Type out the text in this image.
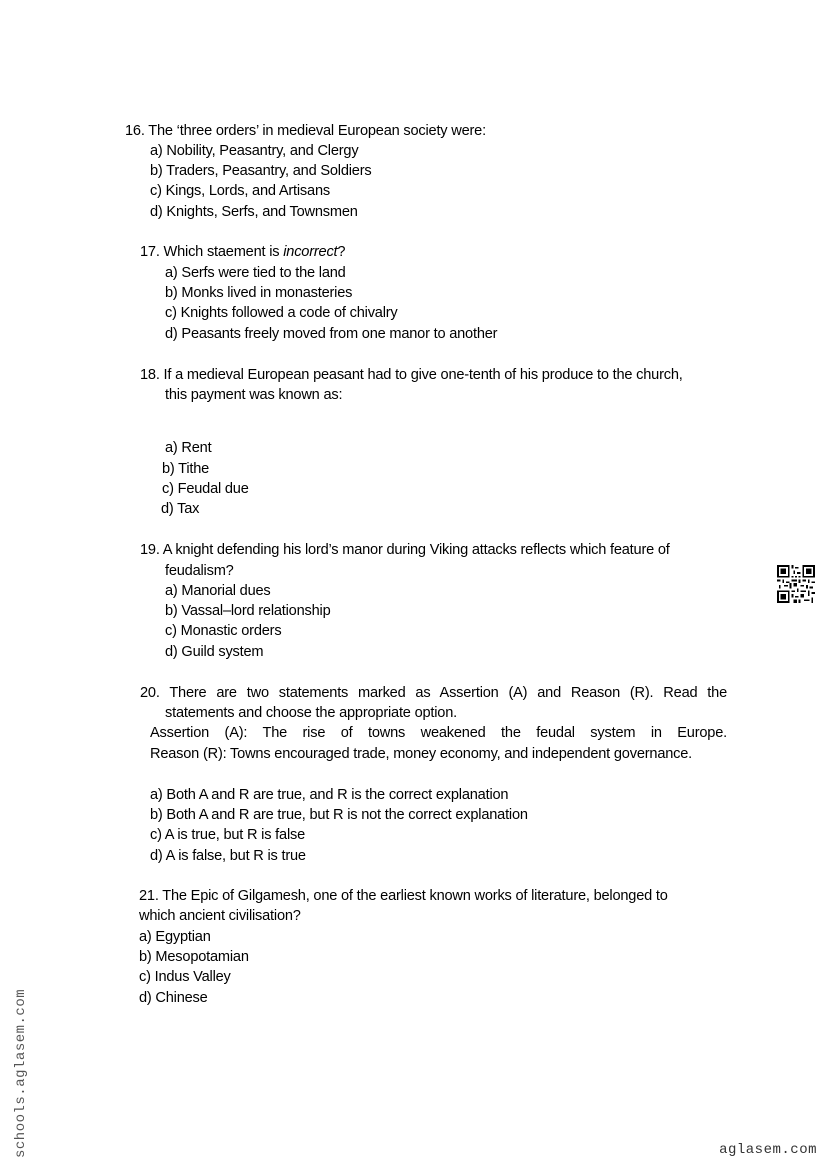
16. The ‘three orders’ in medieval European society were:
a) Nobility, Peasantry, and Clergy
b) Traders, Peasantry, and Soldiers
c) Kings, Lords, and Artisans
d) Knights, Serfs, and Townsmen
17. Which staement is incorrect?
a) Serfs were tied to the land
b) Monks lived in monasteries
c) Knights followed a code of chivalry
d) Peasants freely moved from one manor to another
18. If a medieval European peasant had to give one-tenth of his produce to the church,
this payment was known as:
a) Rent
b) Tithe
c) Feudal due
d) Tax
19. A knight defending his lord’s manor during Viking attacks reflects which feature of
feudalism?
a) Manorial dues
b) Vassal–lord relationship
c) Monastic orders
d) Guild system
20. There are two statements marked as Assertion (A) and Reason (R). Read the
statements and choose the appropriate option.
Assertion (A): The rise of towns weakened the feudal system in Europe.
Reason (R): Towns encouraged trade, money economy, and independent governance.
a) Both A and R are true, and R is the correct explanation
b) Both A and R are true, but R is not the correct explanation
c) A is true, but R is false
d) A is false, but R is true
21. The Epic of Gilgamesh, one of the earliest known works of literature, belonged to
which ancient civilisation?
a) Egyptian
b) Mesopotamian
c) Indus Valley
d) Chinese
schools.aglasem.com	aglasem.com
